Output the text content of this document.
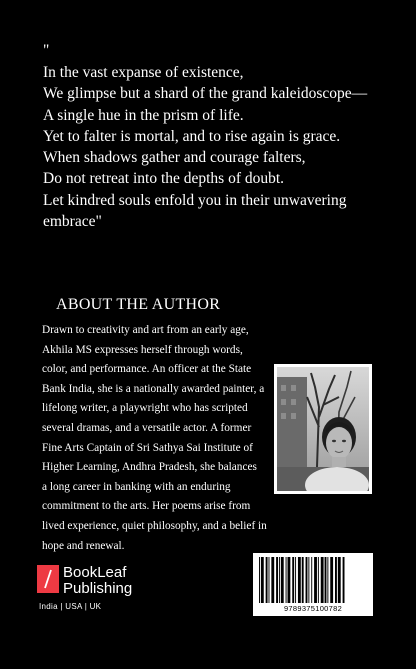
"
In the vast expanse of existence,
We glimpse but a shard of the grand kaleidoscope—
A single hue in the prism of life.
Yet to falter is mortal, and to rise again is grace.
When shadows gather and courage falters,
Do not retreat into the depths of doubt.
Let kindred souls enfold you in their unwavering
embrace"
ABOUT THE AUTHOR
Drawn to creativity and art from an early age,
Akhila MS expresses herself through words,
color, and performance. An officer at the State
Bank India, she is a nationally awarded painter, a
lifelong writer, a playwright who has scripted
several dramas, and a versatile actor. A former
Fine Arts Captain of Sri Sathya Sai Institute of
Higher Learning, Andhra Pradesh, she balances
a long career in banking with an enduring
commitment to the arts. Her poems arise from
lived experience, quiet philosophy, and a belief in
hope and renewal.
BookLeaf
Publishing
India | USA | UK	9789375100782
